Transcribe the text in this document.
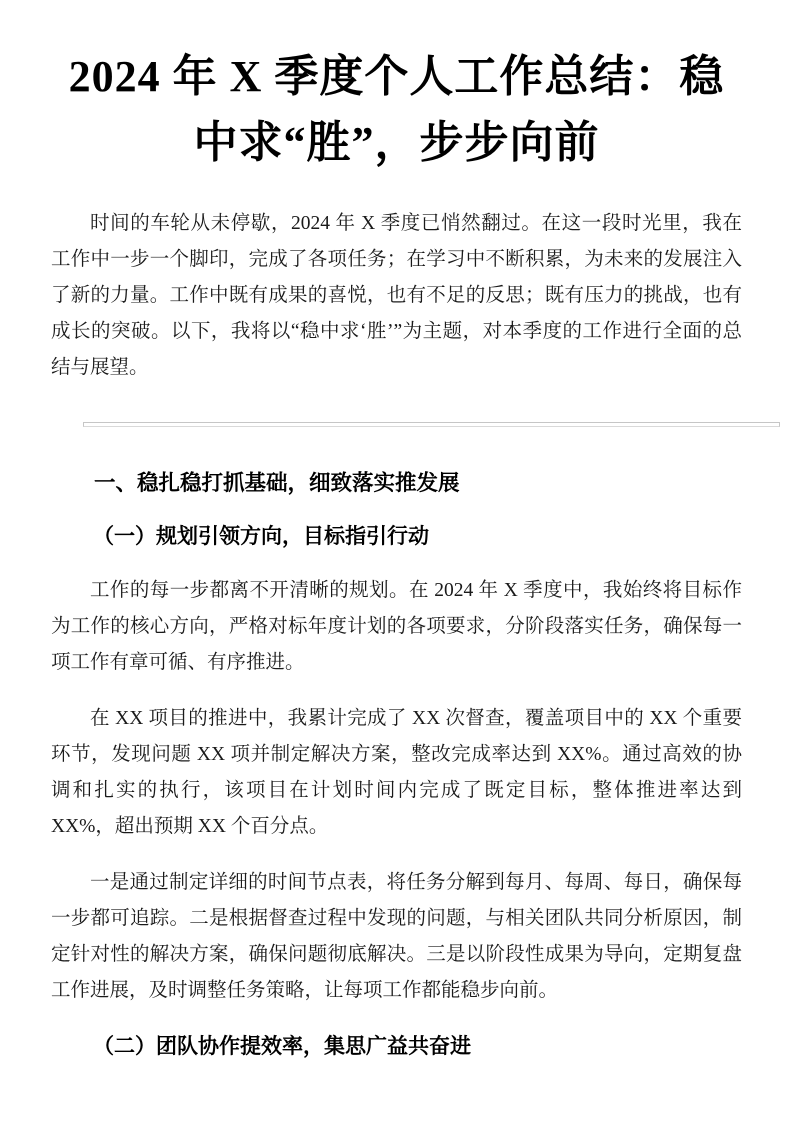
2024 年 X 季度个人工作总结：稳中求“胜”，步步向前

时间的车轮从未停歇，2024 年 X 季度已悄然翻过。在这一段时光里，我在工作中一步一个脚印，完成了各项任务；在学习中不断积累，为未来的发展注入了新的力量。工作中既有成果的喜悦，也有不足的反思；既有压力的挑战，也有成长的突破。以下，我将以“稳中求‘胜’”为主题，对本季度的工作进行全面的总结与展望。

一、稳扎稳打抓基础，细致落实推发展
（一）规划引领方向，目标指引行动

工作的每一步都离不开清晰的规划。在 2024 年 X 季度中，我始终将目标作为工作的核心方向，严格对标年度计划的各项要求，分阶段落实任务，确保每一项工作有章可循、有序推进。

在 XX 项目的推进中，我累计完成了 XX 次督查，覆盖项目中的 XX 个重要环节，发现问题 XX 项并制定解决方案，整改完成率达到 XX%。通过高效的协调和扎实的执行，该项目在计划时间内完成了既定目标，整体推进率达到 XX%，超出预期 XX 个百分点。

一是通过制定详细的时间节点表，将任务分解到每月、每周、每日，确保每一步都可追踪。二是根据督查过程中发现的问题，与相关团队共同分析原因，制定针对性的解决方案，确保问题彻底解决。三是以阶段性成果为导向，定期复盘工作进展，及时调整任务策略，让每项工作都能稳步向前。

（二）团队协作提效率，集思广益共奋进
